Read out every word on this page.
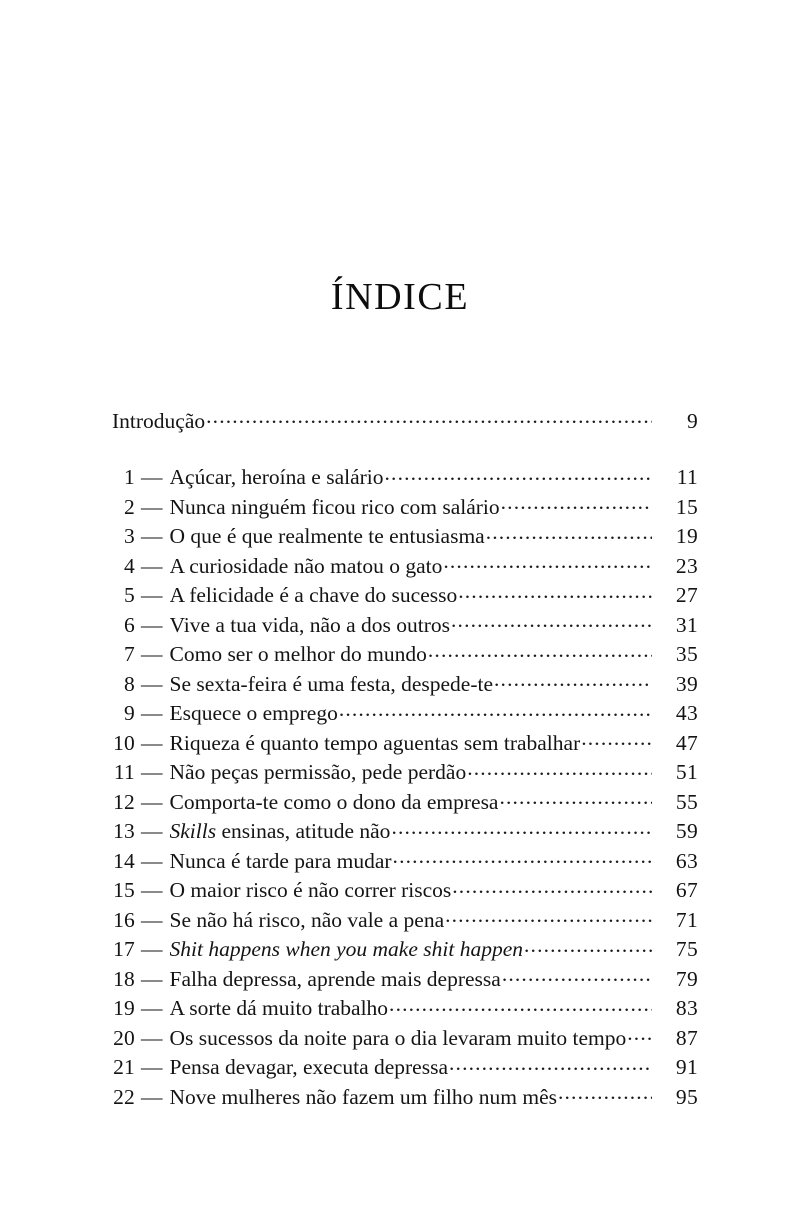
ÍNDICE
Introdução .....	9
1 — Açúcar, heroína e salário .....	11
2 — Nunca ninguém ficou rico com salário .....	15
3 — O que é que realmente te entusiasma .....	19
4 — A curiosidade não matou o gato .....	23
5 — A felicidade é a chave do sucesso .....	27
6 — Vive a tua vida, não a dos outros .....	31
7 — Como ser o melhor do mundo .....	35
8 — Se sexta-feira é uma festa, despede-te .....	39
9 — Esquece o emprego .....	43
10 — Riqueza é quanto tempo aguentas sem trabalhar .....	47
11 — Não peças permissão, pede perdão .....	51
12 — Comporta-te como o dono da empresa .....	55
13 — Skills ensinas, atitude não .....	59
14 — Nunca é tarde para mudar .....	63
15 — O maior risco é não correr riscos .....	67
16 — Se não há risco, não vale a pena .....	71
17 — Shit happens when you make shit happen .....	75
18 — Falha depressa, aprende mais depressa .....	79
19 — A sorte dá muito trabalho .....	83
20 — Os sucessos da noite para o dia levaram muito tempo .....	87
21 — Pensa devagar, executa depressa .....	91
22 — Nove mulheres não fazem um filho num mês .....	95
